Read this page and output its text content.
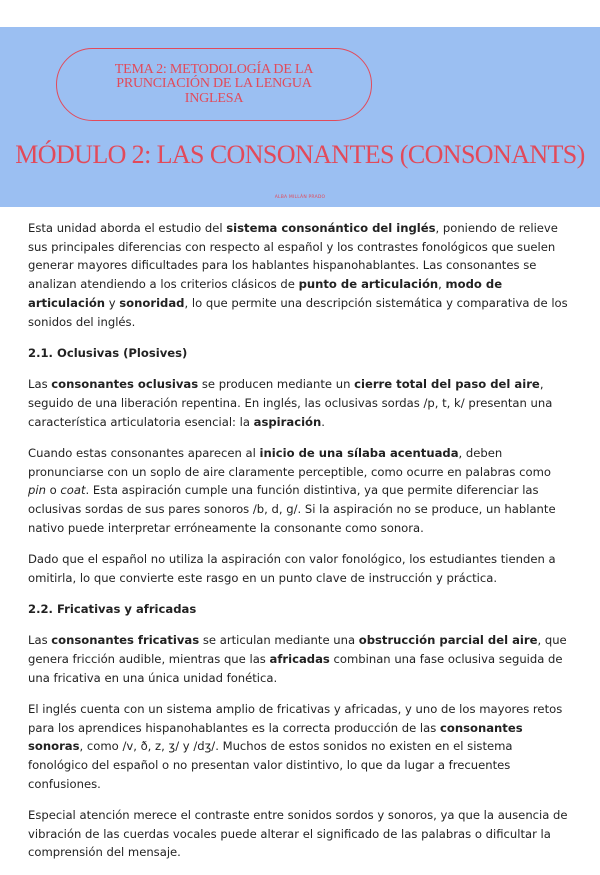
TEMA 2: METODOLOGÍA DE LA PRUNCIACIÓN DE LA LENGUA INGLESA
MÓDULO 2: LAS CONSONANTES (CONSONANTS)
ALBA MILLÁN PRADO

Esta unidad aborda el estudio del sistema consonántico del inglés, poniendo de relieve sus principales diferencias con respecto al español y los contrastes fonológicos que suelen generar mayores dificultades para los hablantes hispanohablantes. Las consonantes se analizan atendiendo a los criterios clásicos de punto de articulación, modo de articulación y sonoridad, lo que permite una descripción sistemática y comparativa de los sonidos del inglés.

2.1. Oclusivas (Plosives)

Las consonantes oclusivas se producen mediante un cierre total del paso del aire, seguido de una liberación repentina. En inglés, las oclusivas sordas /p, t, k/ presentan una característica articulatoria esencial: la aspiración.

Cuando estas consonantes aparecen al inicio de una sílaba acentuada, deben pronunciarse con un soplo de aire claramente perceptible, como ocurre en palabras como pin o coat. Esta aspiración cumple una función distintiva, ya que permite diferenciar las oclusivas sordas de sus pares sonoros /b, d, g/. Si la aspiración no se produce, un hablante nativo puede interpretar erróneamente la consonante como sonora.

Dado que el español no utiliza la aspiración con valor fonológico, los estudiantes tienden a omitirla, lo que convierte este rasgo en un punto clave de instrucción y práctica.

2.2. Fricativas y africadas

Las consonantes fricativas se articulan mediante una obstrucción parcial del aire, que genera fricción audible, mientras que las africadas combinan una fase oclusiva seguida de una fricativa en una única unidad fonética.

El inglés cuenta con un sistema amplio de fricativas y africadas, y uno de los mayores retos para los aprendices hispanohablantes es la correcta producción de las consonantes sonoras, como /v, ð, z, ʒ/ y /dʒ/. Muchos de estos sonidos no existen en el sistema fonológico del español o no presentan valor distintivo, lo que da lugar a frecuentes confusiones.

Especial atención merece el contraste entre sonidos sordos y sonoros, ya que la ausencia de vibración de las cuerdas vocales puede alterar el significado de las palabras o dificultar la comprensión del mensaje.
